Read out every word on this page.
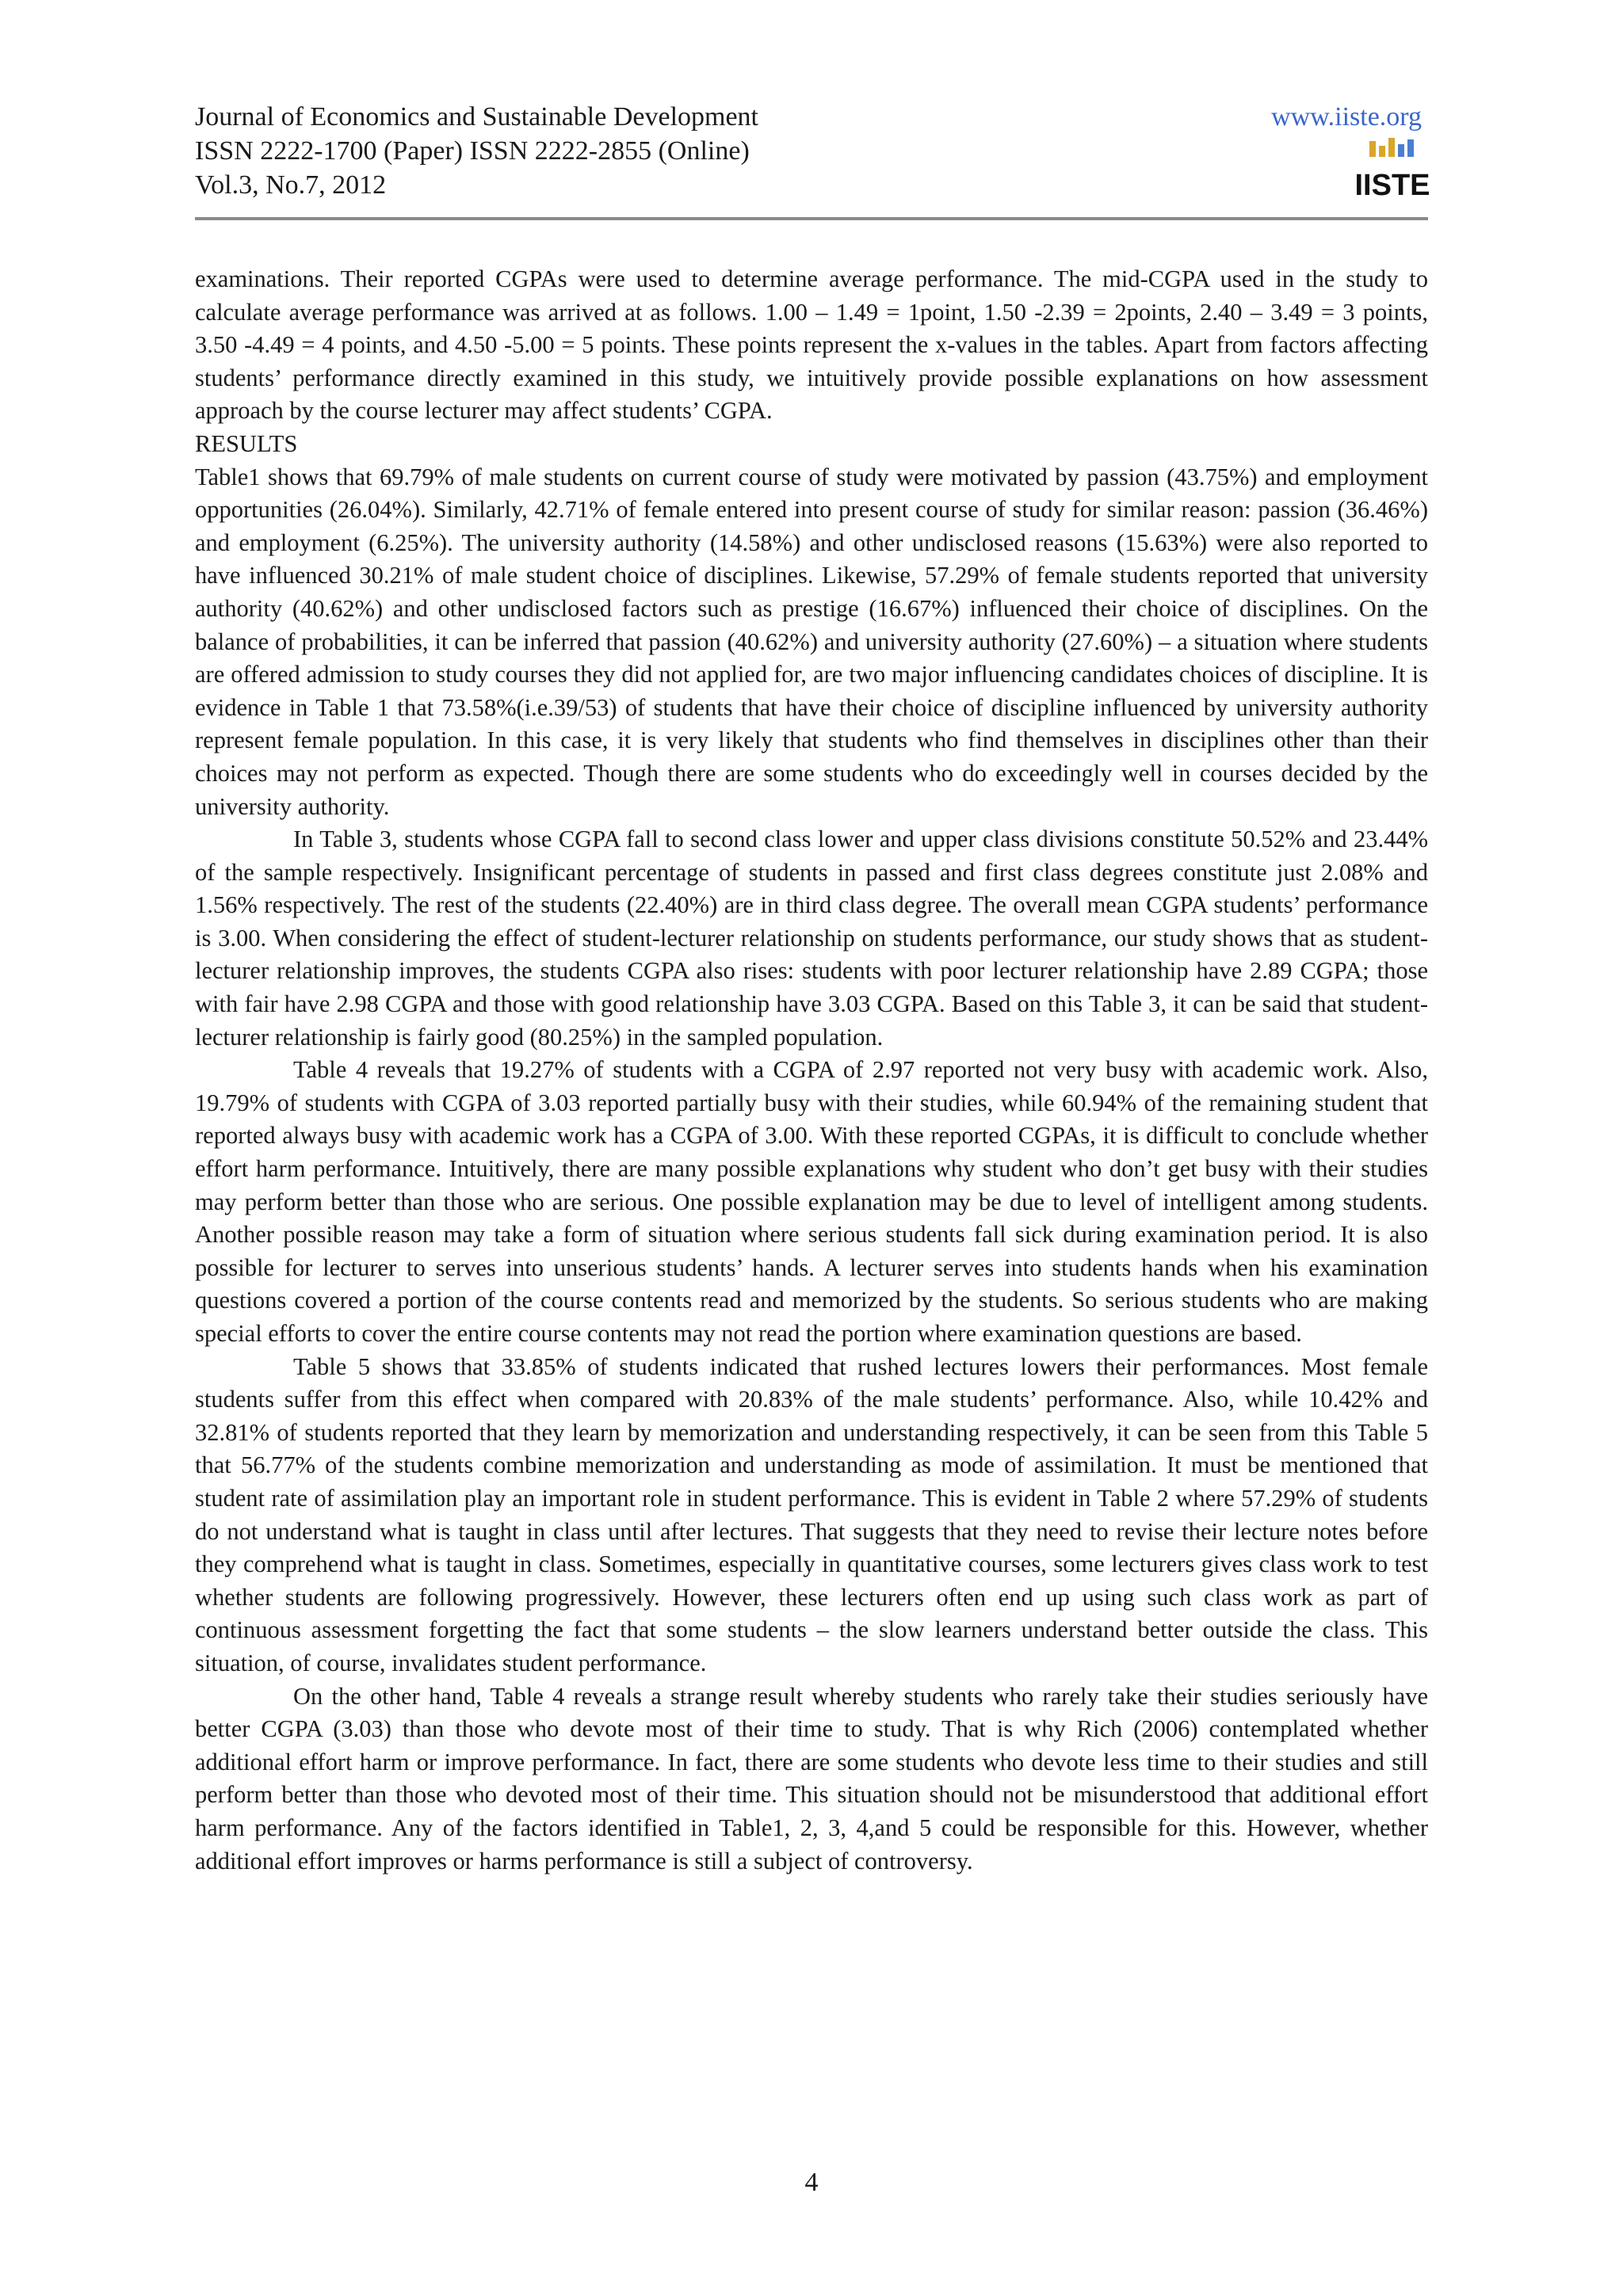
Journal of Economics and Sustainable Development
ISSN 2222-1700 (Paper) ISSN 2222-2855 (Online)
Vol.3, No.7, 2012
www.iiste.org
IISTE

examinations. Their reported CGPAs were used to determine average performance. The mid-CGPA used in the study to calculate average performance was arrived at as follows. 1.00 – 1.49 = 1point, 1.50 -2.39 = 2points, 2.40 – 3.49 = 3 points, 3.50 -4.49 = 4 points, and 4.50 -5.00 = 5 points. These points represent the x-values in the tables. Apart from factors affecting students’ performance directly examined in this study, we intuitively provide possible explanations on how assessment approach by the course lecturer may affect students’ CGPA.

RESULTS

Table1 shows that 69.79% of male students on current course of study were motivated by passion (43.75%) and employment opportunities (26.04%). Similarly, 42.71% of female entered into present course of study for similar reason: passion (36.46%) and employment (6.25%). The university authority (14.58%) and other undisclosed reasons (15.63%) were also reported to have influenced 30.21% of male student choice of disciplines. Likewise, 57.29% of female students reported that university authority (40.62%) and other undisclosed factors such as prestige (16.67%) influenced their choice of disciplines. On the balance of probabilities, it can be inferred that passion (40.62%) and university authority (27.60%) – a situation where students are offered admission to study courses they did not applied for, are two major influencing candidates choices of discipline. It is evidence in Table 1 that 73.58%(i.e.39/53) of students that have their choice of discipline influenced by university authority represent female population. In this case, it is very likely that students who find themselves in disciplines other than their choices may not perform as expected. Though there are some students who do exceedingly well in courses decided by the university authority.

In Table 3, students whose CGPA fall to second class lower and upper class divisions constitute 50.52% and 23.44% of the sample respectively. Insignificant percentage of students in passed and first class degrees constitute just 2.08% and 1.56% respectively. The rest of the students (22.40%) are in third class degree. The overall mean CGPA students’ performance is 3.00. When considering the effect of student-lecturer relationship on students performance, our study shows that as student-lecturer relationship improves, the students CGPA also rises: students with poor lecturer relationship have 2.89 CGPA; those with fair have 2.98 CGPA and those with good relationship have 3.03 CGPA. Based on this Table 3, it can be said that student-lecturer relationship is fairly good (80.25%) in the sampled population.

Table 4 reveals that 19.27% of students with a CGPA of 2.97 reported not very busy with academic work. Also, 19.79% of students with CGPA of 3.03 reported partially busy with their studies, while 60.94% of the remaining student that reported always busy with academic work has a CGPA of 3.00. With these reported CGPAs, it is difficult to conclude whether effort harm performance. Intuitively, there are many possible explanations why student who don’t get busy with their studies may perform better than those who are serious. One possible explanation may be due to level of intelligent among students. Another possible reason may take a form of situation where serious students fall sick during examination period. It is also possible for lecturer to serves into unserious students’ hands. A lecturer serves into students hands when his examination questions covered a portion of the course contents read and memorized by the students. So serious students who are making special efforts to cover the entire course contents may not read the portion where examination questions are based.

Table 5 shows that 33.85% of students indicated that rushed lectures lowers their performances. Most female students suffer from this effect when compared with 20.83% of the male students’ performance. Also, while 10.42% and 32.81% of students reported that they learn by memorization and understanding respectively, it can be seen from this Table 5 that 56.77% of the students combine memorization and understanding as mode of assimilation. It must be mentioned that student rate of assimilation play an important role in student performance. This is evident in Table 2 where 57.29% of students do not understand what is taught in class until after lectures. That suggests that they need to revise their lecture notes before they comprehend what is taught in class. Sometimes, especially in quantitative courses, some lecturers gives class work to test whether students are following progressively. However, these lecturers often end up using such class work as part of continuous assessment forgetting the fact that some students – the slow learners understand better outside the class. This situation, of course, invalidates student performance.

On the other hand, Table 4 reveals a strange result whereby students who rarely take their studies seriously have better CGPA (3.03) than those who devote most of their time to study. That is why Rich (2006) contemplated whether additional effort harm or improve performance. In fact, there are some students who devote less time to their studies and still perform better than those who devoted most of their time. This situation should not be misunderstood that additional effort harm performance. Any of the factors identified in Table1, 2, 3, 4,and 5 could be responsible for this. However, whether additional effort improves or harms performance is still a subject of controversy.

4
